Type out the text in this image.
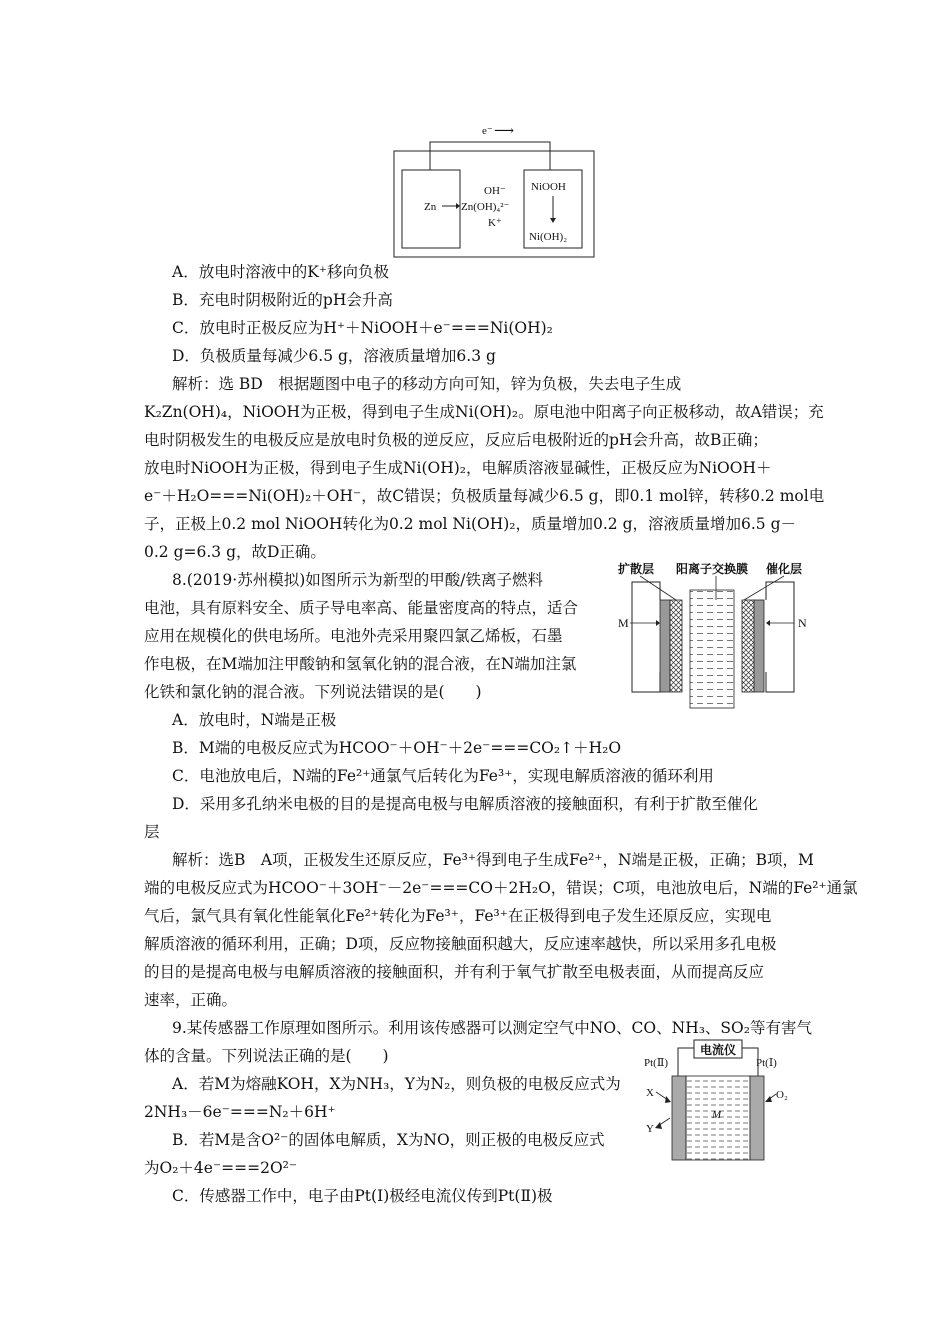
e⁻ ⟶
Zn
OH⁻
Zn(OH)₄²⁻
K⁺
NiOOH
Ni(OH)₂
A．放电时溶液中的K⁺移向负极
B．充电时阴极附近的pH会升高
C．放电时正极反应为H⁺＋NiOOH＋e⁻===Ni(OH)₂
D．负极质量每减少6.5 g，溶液质量增加6.3 g
解析：选 BD　根据题图中电子的移动方向可知，锌为负极，失去电子生成
K₂Zn(OH)₄，NiOOH为正极，得到电子生成Ni(OH)₂。原电池中阳离子向正极移动，故A错误；充
电时阴极发生的电极反应是放电时负极的逆反应，反应后电极附近的pH会升高，故B正确；
放电时NiOOH为正极，得到电子生成Ni(OH)₂，电解质溶液显碱性，正极反应为NiOOH＋
e⁻＋H₂O===Ni(OH)₂＋OH⁻，故C错误；负极质量每减少6.5 g，即0.1 mol锌，转移0.2 mol电
子，正极上0.2 mol NiOOH转化为0.2 mol Ni(OH)₂，质量增加0.2 g，溶液质量增加6.5 g－
0.2 g=6.3 g，故D正确。
8.(2019·苏州模拟)如图所示为新型的甲酸/铁离子燃料
电池，具有原料安全、质子导电率高、能量密度高的特点，适合
应用在规模化的供电场所。电池外壳采用聚四氯乙烯板，石墨
作电极，在M端加注甲酸钠和氢氧化钠的混合液，在N端加注氯
化铁和氯化钠的混合液。下列说法错误的是(　　)
扩散层 阳离子交换膜 催化层
M	N
A．放电时，N端是正极
B．M端的电极反应式为HCOO⁻＋OH⁻＋2e⁻===CO₂↑＋H₂O
C．电池放电后，N端的Fe²⁺通氯气后转化为Fe³⁺，实现电解质溶液的循环利用
D．采用多孔纳米电极的目的是提高电极与电解质溶液的接触面积，有利于扩散至催化
层
解析：选B　A项，正极发生还原反应，Fe³⁺得到电子生成Fe²⁺，N端是正极，正确；B项，M
端的电极反应式为HCOO⁻＋3OH⁻－2e⁻===CO＋2H₂O，错误；C项，电池放电后，N端的Fe²⁺通氯
气后，氯气具有氧化性能氧化Fe²⁺转化为Fe³⁺，Fe³⁺在正极得到电子发生还原反应，实现电
解质溶液的循环利用，正确；D项，反应物接触面积越大，反应速率越快，所以采用多孔电极
的目的是提高电极与电解质溶液的接触面积，并有利于氧气扩散至电极表面，从而提高反应
速率，正确。
9.某传感器工作原理如图所示。利用该传感器可以测定空气中NO、CO、NH₃、SO₂等有害气
体的含量。下列说法正确的是(　　)
A．若M为熔融KOH，X为NH₃，Y为N₂，则负极的电极反应式为
2NH₃－6e⁻===N₂＋6H⁺
B．若M是含O²⁻的固体电解质，X为NO，则正极的电极反应式
为O₂＋4e⁻===2O²⁻
C．传感器工作中，电子由Pt(Ⅰ)极经电流仪传到Pt(Ⅱ)极
电流仪
Pt(Ⅱ)	Pt(Ⅰ)
M
X
Y
O₂
